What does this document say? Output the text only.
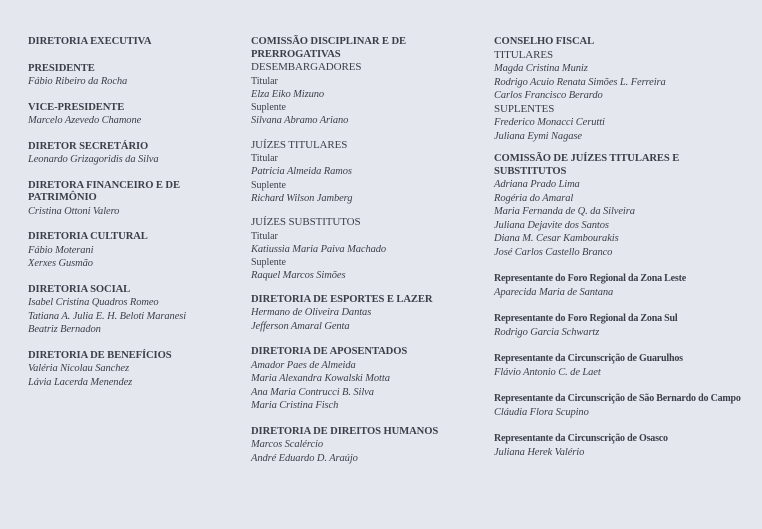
DIRETORIA EXECUTIVA
PRESIDENTE
Fábio Ribeiro da Rocha
VICE-PRESIDENTE
Marcelo Azevedo Chamone
DIRETOR SECRETÁRIO
Leonardo Grizagoridis da Silva
DIRETORA FINANCEIRO E DE PATRIMÔNIO
Cristina Ottoni Valero
DIRETORIA CULTURAL
Fábio Moterani
Xerxes Gusmão
DIRETORIA SOCIAL
Isabel Cristina Quadros Romeo
Tatiana A. Julia E. H. Beloti Maranesi
Beatriz Bernadon
DIRETORIA DE BENEFÍCIOS
Valéria Nicolau Sanchez
Lávia Lacerda Menendez
COMISSÃO DISCIPLINAR E DE PRERROGATIVAS
DESEMBARGADORES
Titular
Elza Eiko Mizuno
Suplente
Silvana Abramo Ariano
JUÍZES TITULARES
Titular
Patricia Almeida Ramos
Suplente
Richard Wilson Jamberg
JUÍZES SUBSTITUTOS
Titular
Katiussia Maria Paiva Machado
Suplente
Raquel Marcos Simões
DIRETORIA DE ESPORTES E LAZER
Hermano de Oliveira Dantas
Jefferson Amaral Genta
DIRETORIA DE APOSENTADOS
Amador Paes de Almeida
Maria Alexandra Kowalski Motta
Ana Maria Contrucci B. Silva
Maria Cristina Fisch
DIRETORIA DE DIREITOS HUMANOS
Marcos Scalércio
André Eduardo D. Araújo
CONSELHO FISCAL
TITULARES
Magda Cristina Muniz
Rodrigo Acuio Renata Simões L. Ferreira
Carlos Francisco Berardo
SUPLENTES
Frederico Monacci Cerutti
Juliana Eymi Nagase
COMISSÃO DE JUÍZES TITULARES E SUBSTITUTOS
Adriana Prado Lima
Rogéria do Amaral
Maria Fernanda de Q. da Silveira
Juliana Dejavite dos Santos
Diana M. Cesar Kambourakis
José Carlos Castello Branco
Representante do Foro Regional da Zona Leste
Aparecida Maria de Santana
Representante do Foro Regional da Zona Sul
Rodrigo Garcia Schwartz
Representante da Circunscrição de Guarulhos
Flávio Antonio C. de Laet
Representante da Circunscrição de São Bernardo do Campo
Cláudia Flora Scupino
Representante da Circunscrição de Osasco
Juliana Herek Valério
